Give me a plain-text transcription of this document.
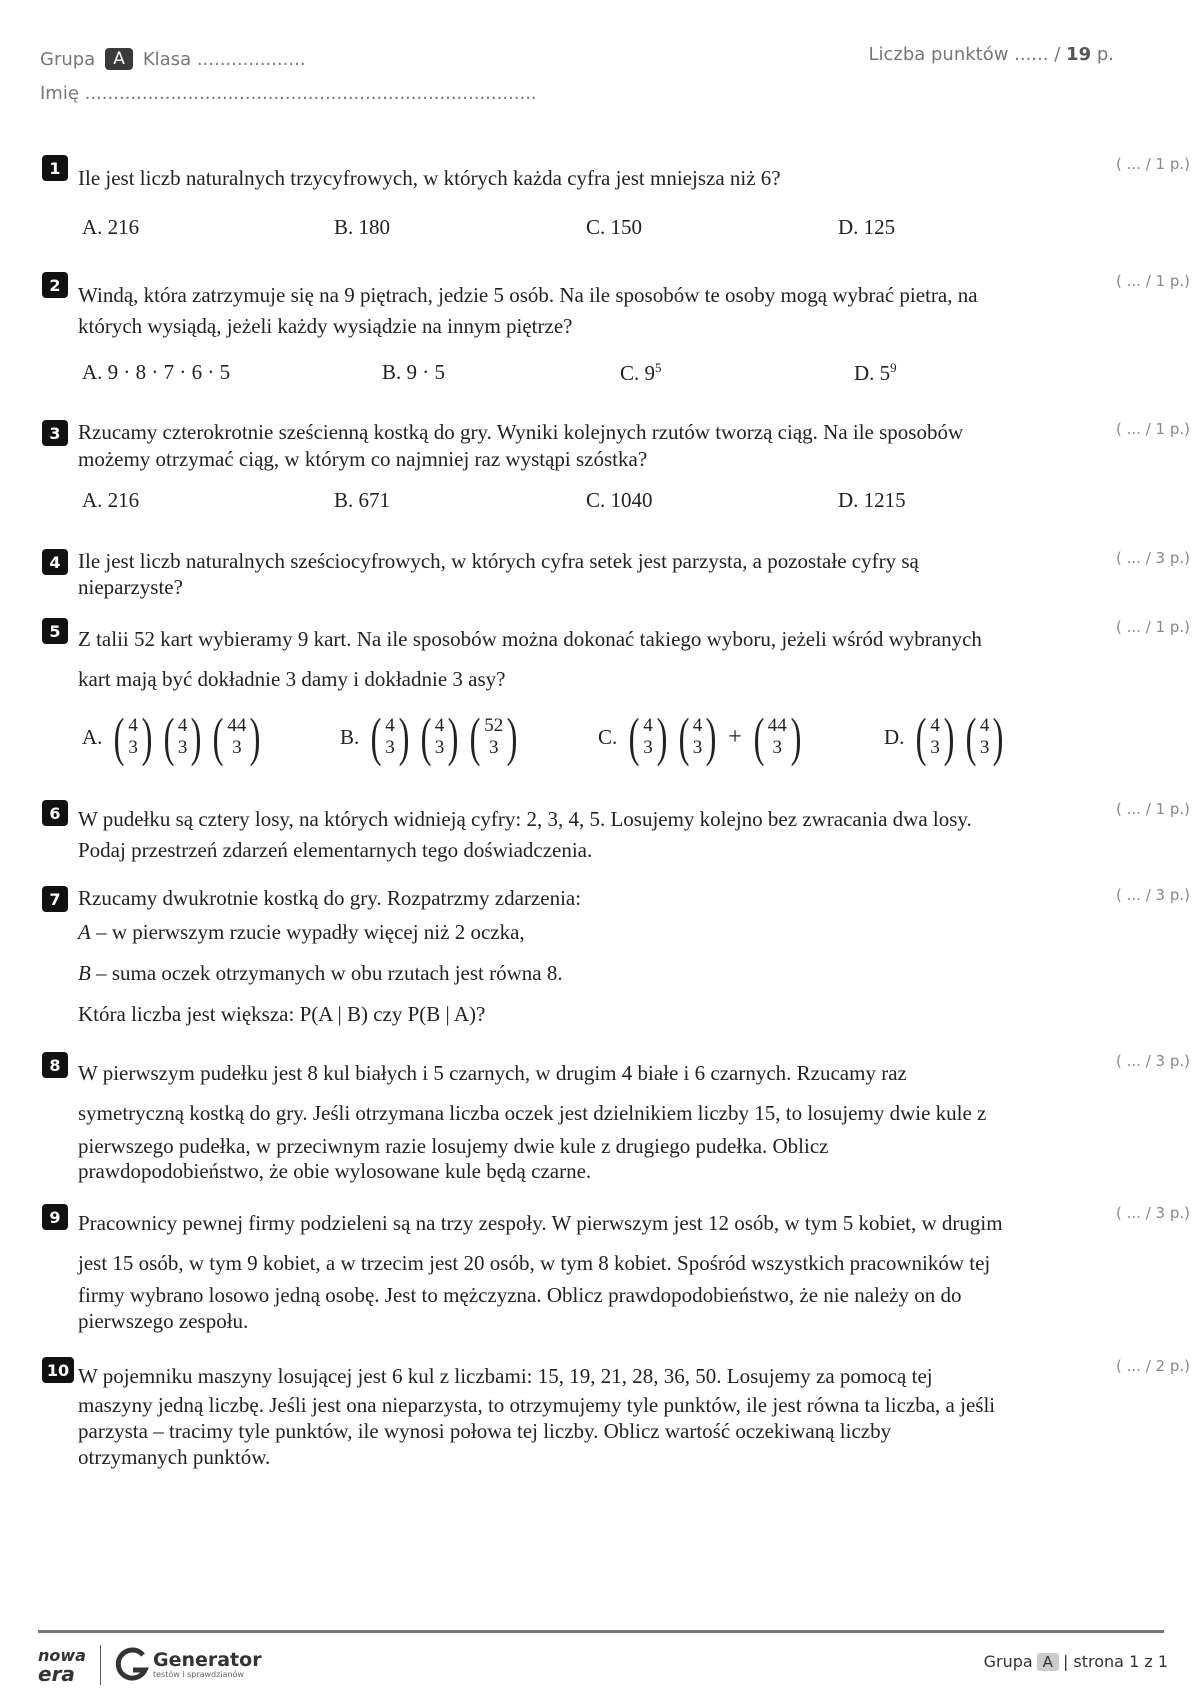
Grupa	A	Klasa ...................
Imię ...............................................................................
Liczba punktów ...... / 19 p.
1	( ... / 1 p.)
Ile jest liczb naturalnych trzycyfrowych, w których każda cyfra jest mniejsza niż 6?
A. 216	B. 180	C. 150	D. 125
2	( ... / 1 p.)
Windą, która zatrzymuje się na 9 piętrach, jedzie 5 osób. Na ile sposobów te osoby mogą wybrać pietra, na
których wysiądą, jeżeli każdy wysiądzie na innym piętrze?
A. 9 · 8 · 7 · 6 · 5	B. 9 · 5	C. $9^5$	D. $5^9$
3	( ... / 1 p.)
Rzucamy czterokrotnie sześcienną kostką do gry. Wyniki kolejnych rzutów tworzą ciąg. Na ile sposobów
możemy otrzymać ciąg, w którym co najmniej raz wystąpi szóstka?
A. 216	B. 671	C. 1040	D. 1215
4	( ... / 3 p.)
Ile jest liczb naturalnych sześciocyfrowych, w których cyfra setek jest parzysta, a pozostałe cyfry są
nieparzyste?
5	( ... / 1 p.)
Z talii 52 kart wybieramy 9 kart. Na ile sposobów można dokonać takiego wyboru, jeżeli wśród wybranych
kart mają być dokładnie 3 damy i dokładnie 3 asy?
A. ( 4
3 ) ( 4
3 ) ( 44
3 )	B. ( 4
3 ) ( 4
3 ) ( 52
3 )	C. ( 4
3 ) ( 4
3 ) + ( 44
3 )	D. ( 4
3 ) ( 4
3 )
6	( ... / 1 p.)
W pudełku są cztery losy, na których widnieją cyfry: 2, 3, 4, 5. Losujemy kolejno bez zwracania dwa losy.
Podaj przestrzeń zdarzeń elementarnych tego doświadczenia.
7	( ... / 3 p.)
Rzucamy dwukrotnie kostką do gry. Rozpatrzmy zdarzenia:
A – w pierwszym rzucie wypadły więcej niż 2 oczka,
B – suma oczek otrzymanych w obu rzutach jest równa 8.
Która liczba jest większa: P(A | B) czy P(B | A)?
8	( ... / 3 p.)
W pierwszym pudełku jest 8 kul białych i 5 czarnych, w drugim 4 białe i 6 czarnych. Rzucamy raz
symetryczną kostką do gry. Jeśli otrzymana liczba oczek jest dzielnikiem liczby 15, to losujemy dwie kule z
pierwszego pudełka, w przeciwnym razie losujemy dwie kule z drugiego pudełka. Oblicz
prawdopodobieństwo, że obie wylosowane kule będą czarne.
9	( ... / 3 p.)
Pracownicy pewnej firmy podzieleni są na trzy zespoły. W pierwszym jest 12 osób, w tym 5 kobiet, w drugim
jest 15 osób, w tym 9 kobiet, a w trzecim jest 20 osób, w tym 8 kobiet. Spośród wszystkich pracowników tej
firmy wybrano losowo jedną osobę. Jest to mężczyzna. Oblicz prawdopodobieństwo, że nie należy on do
pierwszego zespołu.
10	( ... / 2 p.)
W pojemniku maszyny losującej jest 6 kul z liczbami: 15, 19, 21, 28, 36, 50. Losujemy za pomocą tej
maszyny jedną liczbę. Jeśli jest ona nieparzysta, to otrzymujemy tyle punktów, ile jest równa ta liczba, a jeśli
parzysta – tracimy tyle punktów, ile wynosi połowa tej liczby. Oblicz wartość oczekiwaną liczby
otrzymanych punktów.
nowa
era
Generator
testów i sprawdzianów
Grupa A | strona 1 z 1
